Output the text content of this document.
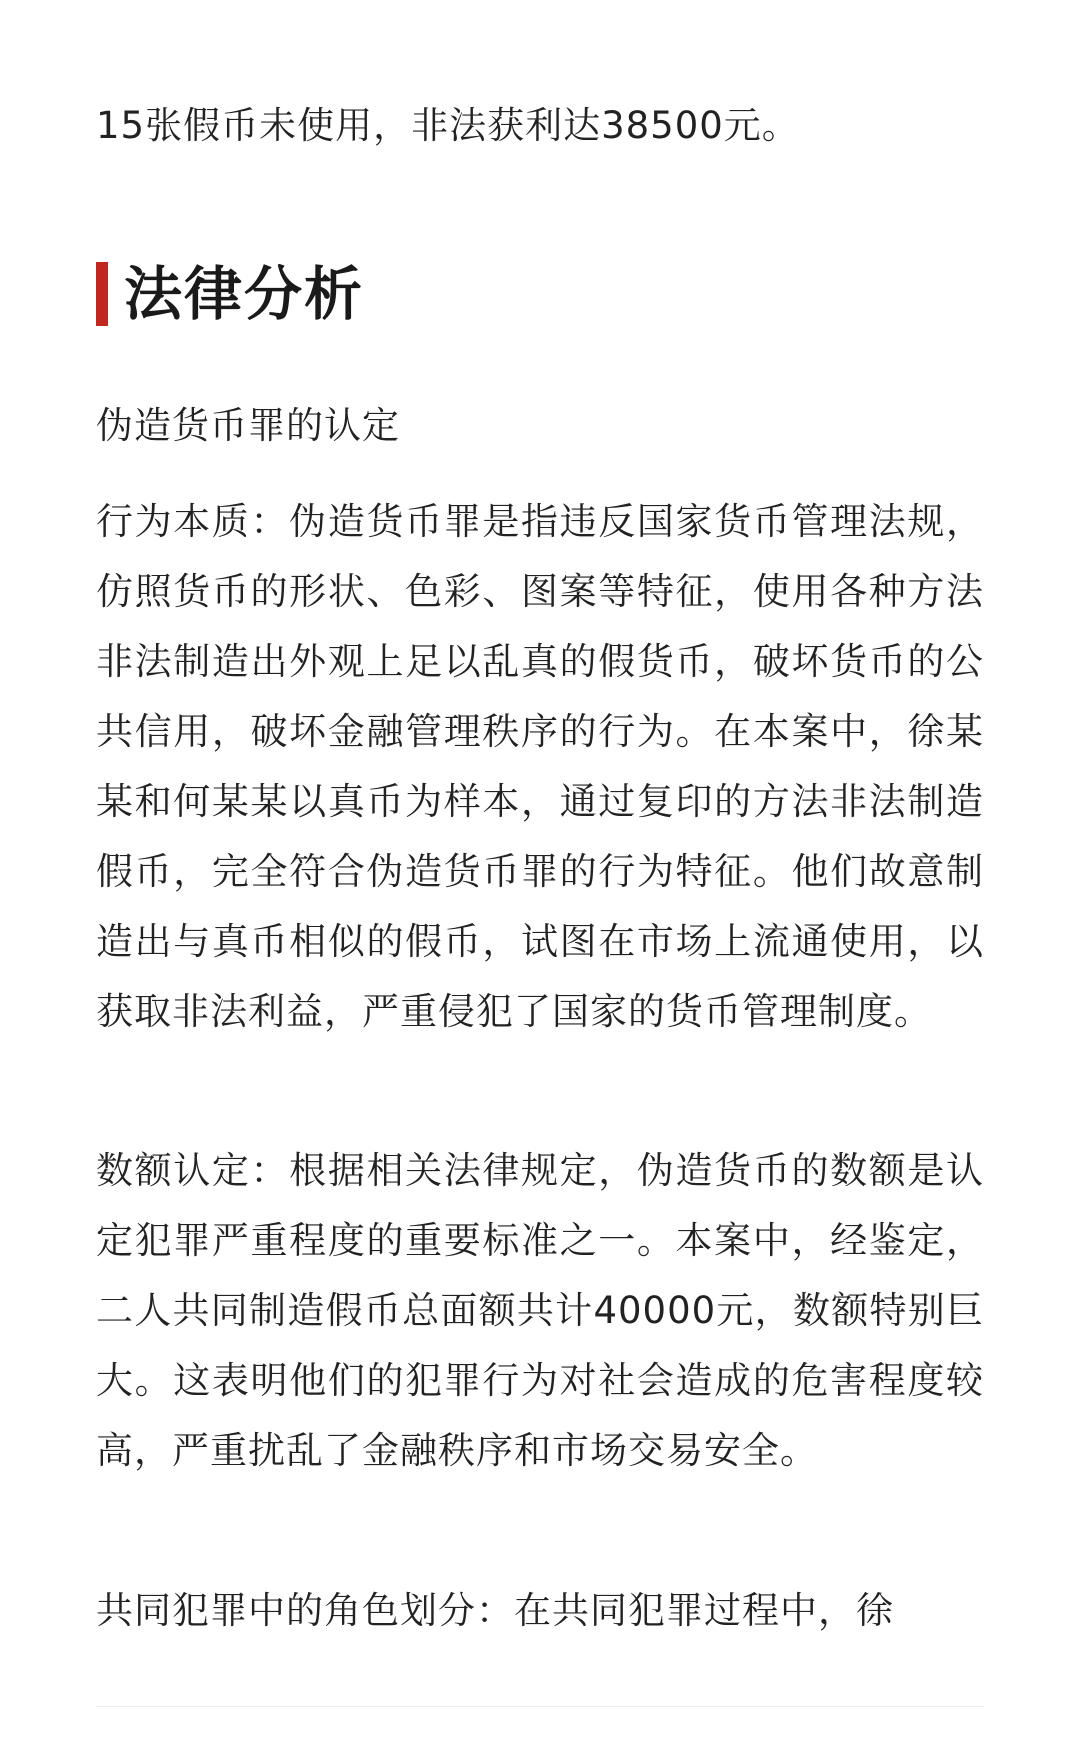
15张假币未使用，非法获利达38500元。
法律分析
伪造货币罪的认定

行为本质：伪造货币罪是指违反国家货币管理法规，仿照货币的形状、色彩、图案等特征，使用各种方法非法制造出外观上足以乱真的假货币，破坏货币的公共信用，破坏金融管理秩序的行为。在本案中，徐某某和何某某以真币为样本，通过复印的方法非法制造假币，完全符合伪造货币罪的行为特征。他们故意制造出与真币相似的假币，试图在市场上流通使用，以获取非法利益，严重侵犯了国家的货币管理制度。

数额认定：根据相关法律规定，伪造货币的数额是认定犯罪严重程度的重要标准之一。本案中，经鉴定，二人共同制造假币总面额共计40000元，数额特别巨大。这表明他们的犯罪行为对社会造成的危害程度较高，严重扰乱了金融秩序和市场交易安全。

共同犯罪中的角色划分：在共同犯罪过程中，徐
